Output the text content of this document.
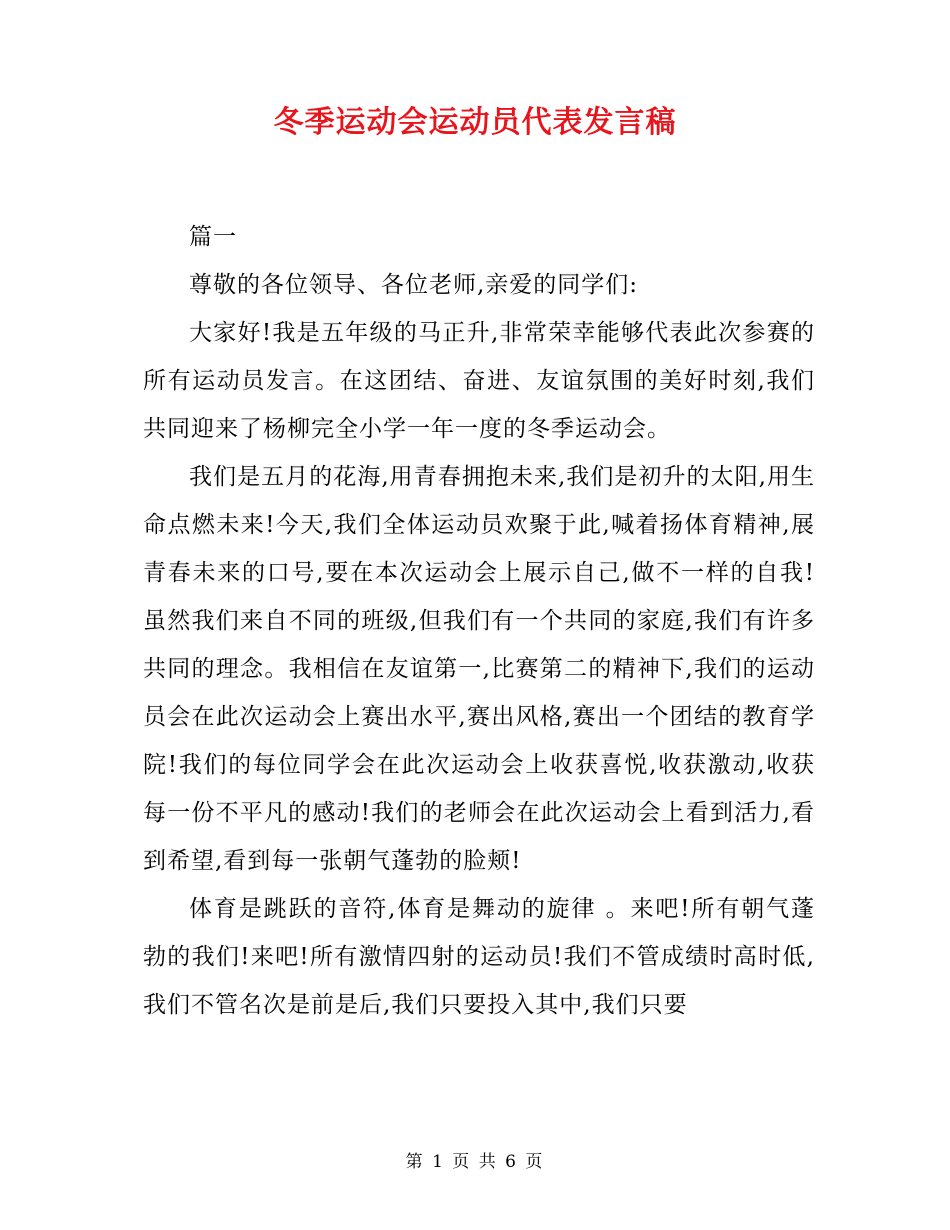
冬季运动会运动员代表发言稿

篇一

尊敬的各位领导、各位老师,亲爱的同学们:

大家好!我是五年级的马正升,非常荣幸能够代表此次参赛的所有运动员发言。在这团结、奋进、友谊氛围的美好时刻,我们共同迎来了杨柳完全小学一年一度的冬季运动会。

我们是五月的花海,用青春拥抱未来,我们是初升的太阳,用生命点燃未来!今天,我们全体运动员欢聚于此,喊着扬体育精神,展青春未来的口号,要在本次运动会上展示自己,做不一样的自我!虽然我们来自不同的班级,但我们有一个共同的家庭,我们有许多共同的理念。我相信在友谊第一,比赛第二的精神下,我们的运动员会在此次运动会上赛出水平,赛出风格,赛出一个团结的教育学院!我们的每位同学会在此次运动会上收获喜悦,收获激动,收获每一份不平凡的感动!我们的老师会在此次运动会上看到活力,看到希望,看到每一张朝气蓬勃的脸颊!

体育是跳跃的音符,体育是舞动的旋律 。来吧!所有朝气蓬勃的我们!来吧!所有激情四射的运动员!我们不管成绩时高时低,我们不管名次是前是后,我们只要投入其中,我们只要

第 1 页 共 6 页
